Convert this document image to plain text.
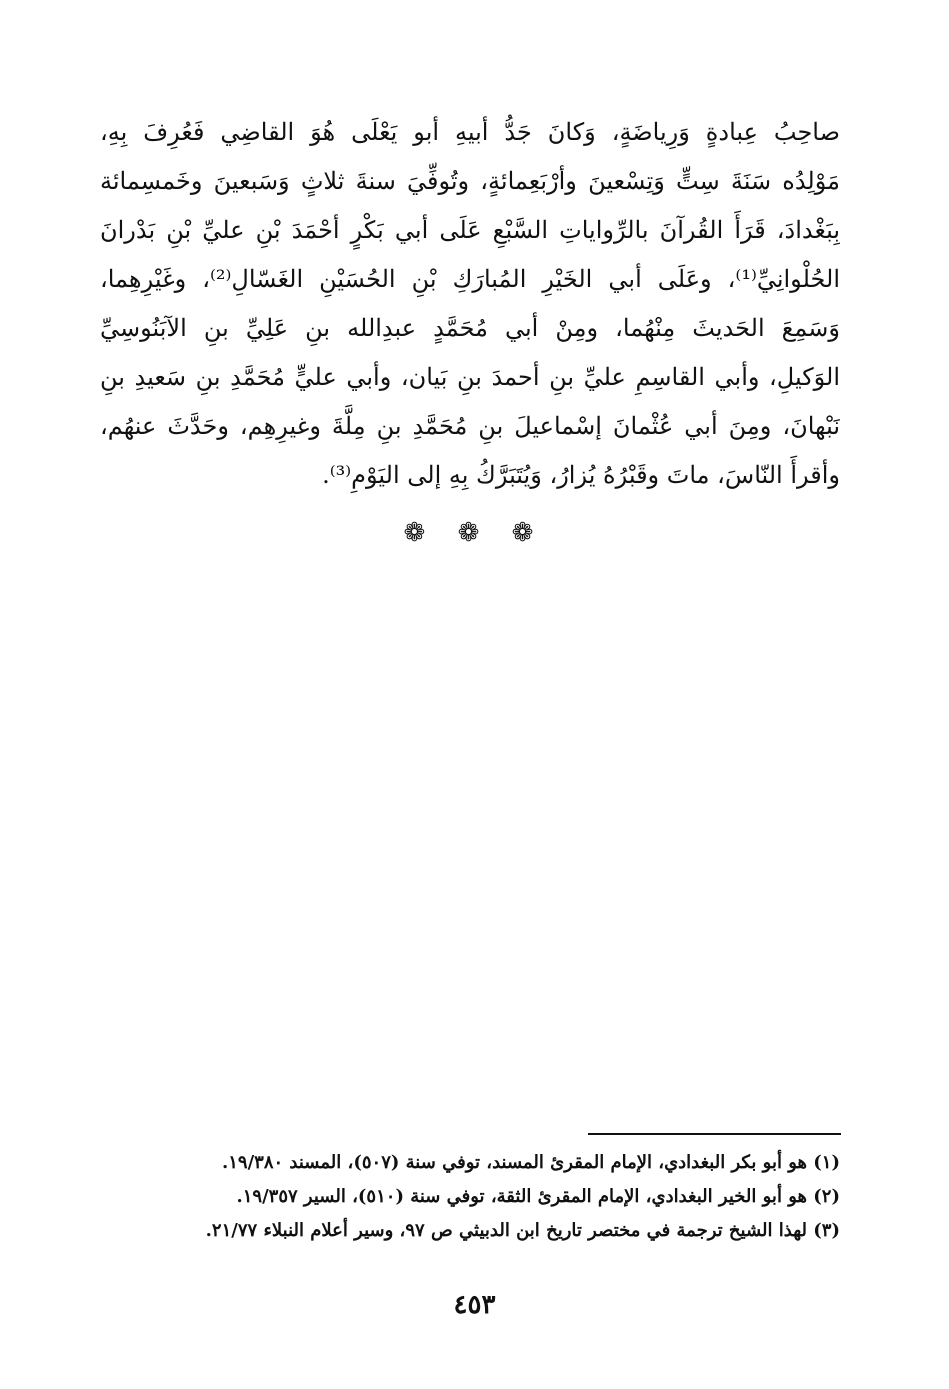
صاحِبُ عِبادةٍ وَرِياضَةٍ، وَكانَ جَدُّ أبيهِ أبو يَعْلَى هُوَ القاضِي فَعُرِفَ بِهِ،
مَوْلِدُه سَنَةَ سِتٍّ وَتِسْعينَ وأرْبَعِمائةٍ، وتُوفِّيَ سنةَ ثلاثٍ وَسَبعينَ وخَمسِمائة
بِبَغْدادَ، قَرَأَ القُرآنَ بالرِّواياتِ السَّبْعِ عَلَى أبي بَكْرٍ أحْمَدَ بْنِ عليِّ بْنِ بَدْرانَ
الحُلْوانِيِّ⁽¹⁾، وعَلَى أبي الخَيْرِ المُبارَكِ بْنِ الحُسَيْنِ الغَسّالِ⁽²⁾، وغَيْرِهِما،
وَسَمِعَ الحَديثَ مِنْهُما، ومِنْ أبي مُحَمَّدٍ عبدِالله بنِ عَلِيِّ بنِ الآبَنُوسِيِّ
الوَكيلِ، وأبي القاسِمِ عليِّ بنِ أحمدَ بنِ بَيان، وأبي عليٍّ مُحَمَّدِ بنِ سَعيدِ بنِ
نَبْهانَ، ومِنَ أبي عُثْمانَ إسْماعيلَ بنِ مُحَمَّدِ بنِ مِلَّةَ وغيرِهِم، وحَدَّثَ عنهُم،
وأقرأَ النّاسَ، ماتَ وقَبْرُهُ يُزارُ، وَيُتَبَرَّكُ بِهِ إلى اليَوْمِ⁽³⁾.
❁ ❁ ❁
(١) هو أبو بكر البغدادي، الإمام المقرئ المسند، توفي سنة (٥٠٧)، المسند ١٩/٣٨٠.
(٢) هو أبو الخير البغدادي، الإمام المقرئ الثقة، توفي سنة (٥١٠)، السير ١٩/٣٥٧.
(٣) لهذا الشيخ ترجمة في مختصر تاريخ ابن الدبيثي ص ٩٧، وسير أعلام النبلاء ٢١/٧٧.
٤٥٣
